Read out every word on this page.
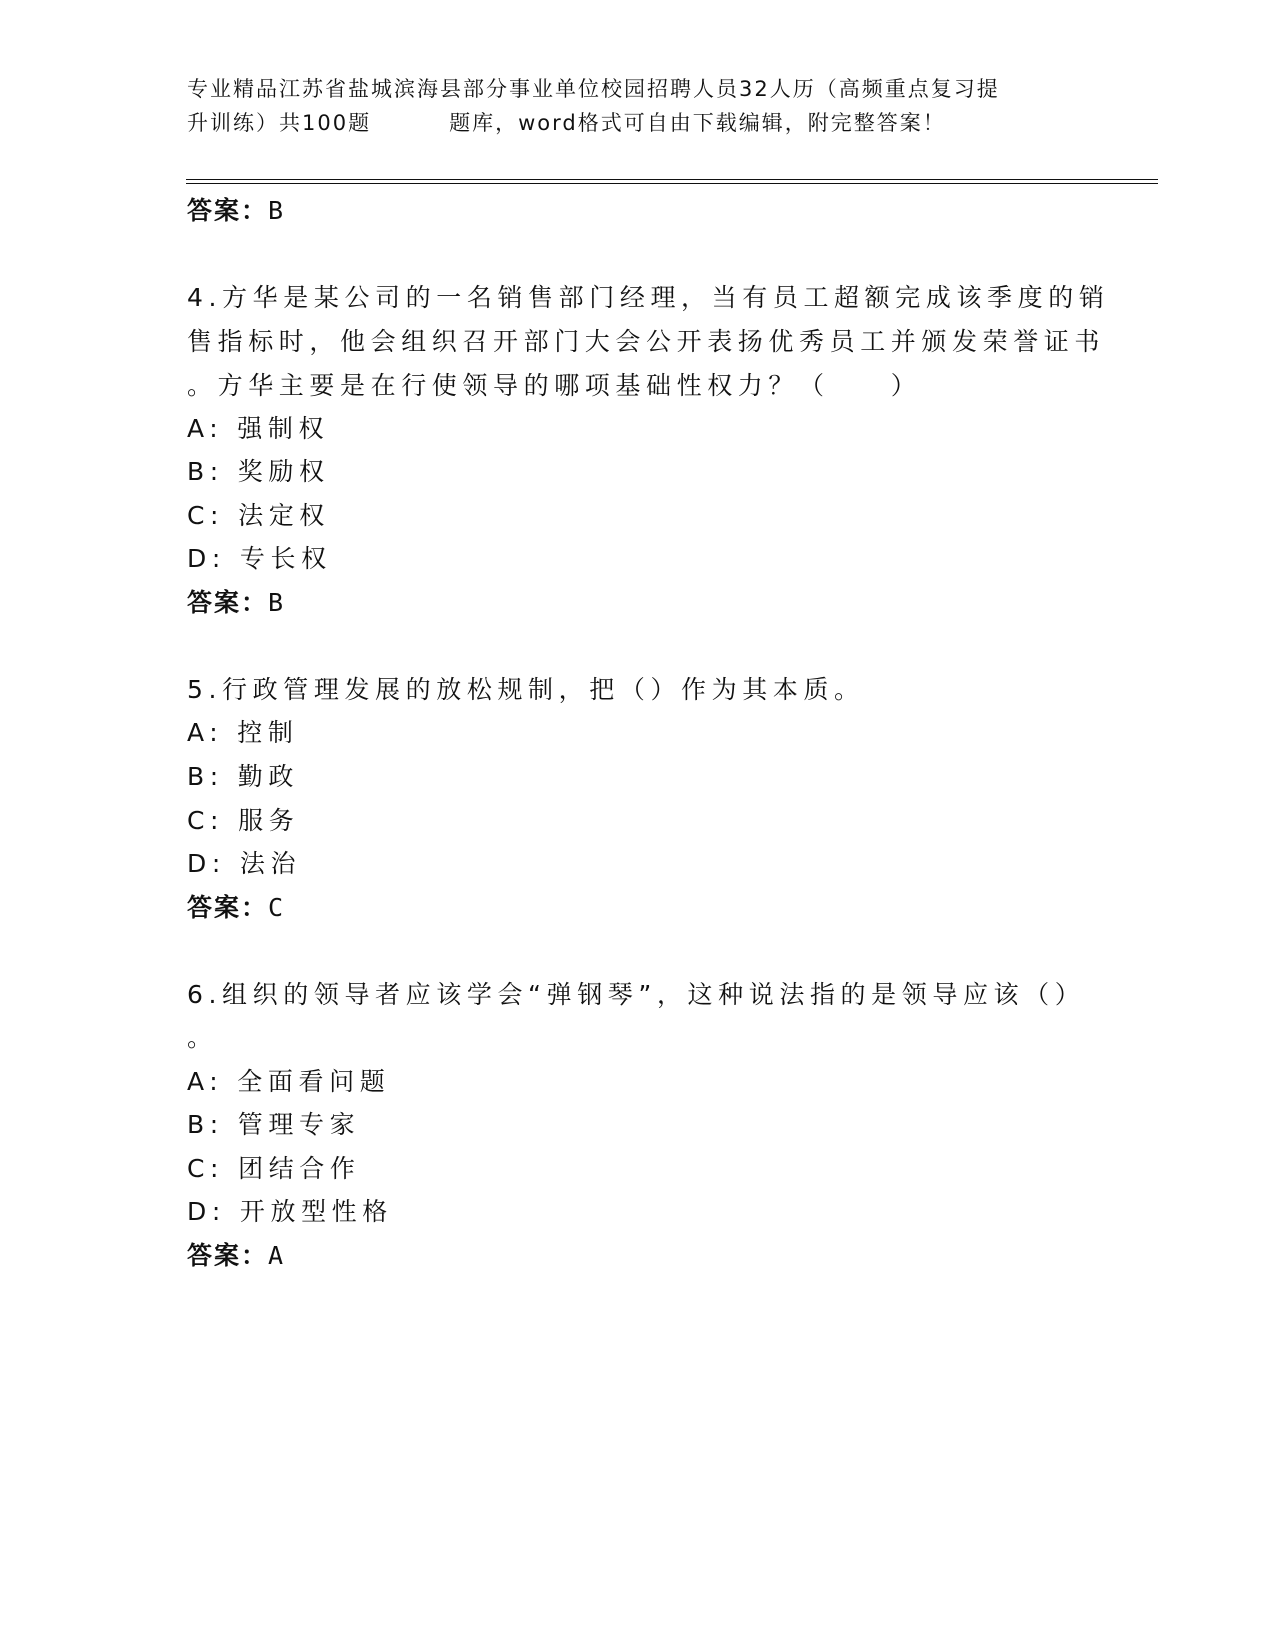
专业精品江苏省盐城滨海县部分事业单位校园招聘人员32人历（高频重点复习提
升训练）共100题	题库，word格式可自由下载编辑，附完整答案！
答案：B
4.方华是某公司的一名销售部门经理，当有员工超额完成该季度的销
售指标时，他会组织召开部门大会公开表扬优秀员工并颁发荣誉证书
。方华主要是在行使领导的哪项基础性权力？（　　）
A: 强制权
B: 奖励权
C: 法定权
D: 专长权
答案：B
5.行政管理发展的放松规制，把（）作为其本质。
A: 控制
B: 勤政
C: 服务
D: 法治
答案：C
6.组织的领导者应该学会“弹钢琴”，这种说法指的是领导应该（）
。
A: 全面看问题
B: 管理专家
C: 团结合作
D: 开放型性格
答案：A
